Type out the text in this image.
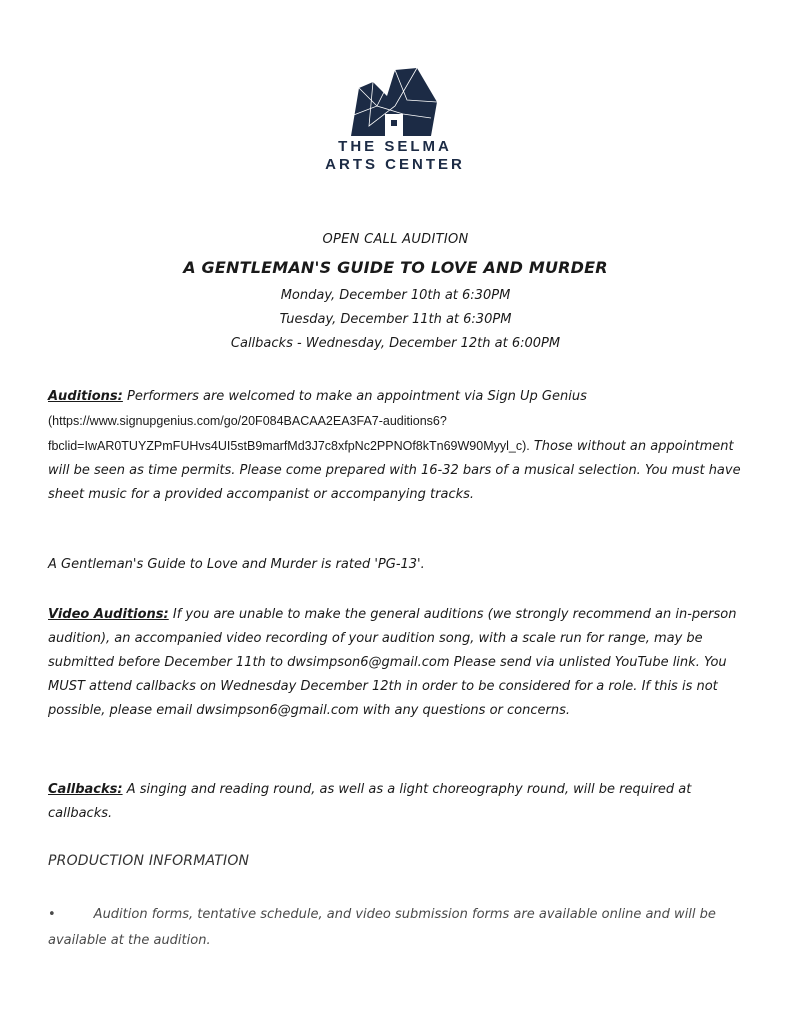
THE SELMA
ARTS CENTER
OPEN CALL AUDITION
A GENTLEMAN'S GUIDE TO LOVE AND MURDER
Monday, December 10th at 6:30PM
Tuesday, December 11th at 6:30PM
Callbacks - Wednesday, December 12th at 6:00PM
Auditions: Performers are welcomed to make an appointment via Sign Up Genius (https://www.signupgenius.com/go/20F084BACAA2EA3FA7-auditions6?fbclid=IwAR0TUYZPmFUHvs4UI5stB9marfMd3J7c8xfpNc2PPNOf8kTn69W90Myyl_c). Those without an appointment will be seen as time permits. Please come prepared with 16-32 bars of a musical selection. You must have sheet music for a provided accompanist or accompanying tracks.
A Gentleman's Guide to Love and Murder is rated 'PG-13'.
Video Auditions: If you are unable to make the general auditions (we strongly recommend an in-person audition), an accompanied video recording of your audition song, with a scale run for range, may be submitted before December 11th to dwsimpson6@gmail.com Please send via unlisted YouTube link. You MUST attend callbacks on Wednesday December 12th in order to be considered for a role. If this is not possible, please email dwsimpson6@gmail.com with any questions or concerns.
Callbacks: A singing and reading round, as well as a light choreography round, will be required at callbacks.
PRODUCTION INFORMATION
•	Audition forms, tentative schedule, and video submission forms are available online and will be available at the audition.
